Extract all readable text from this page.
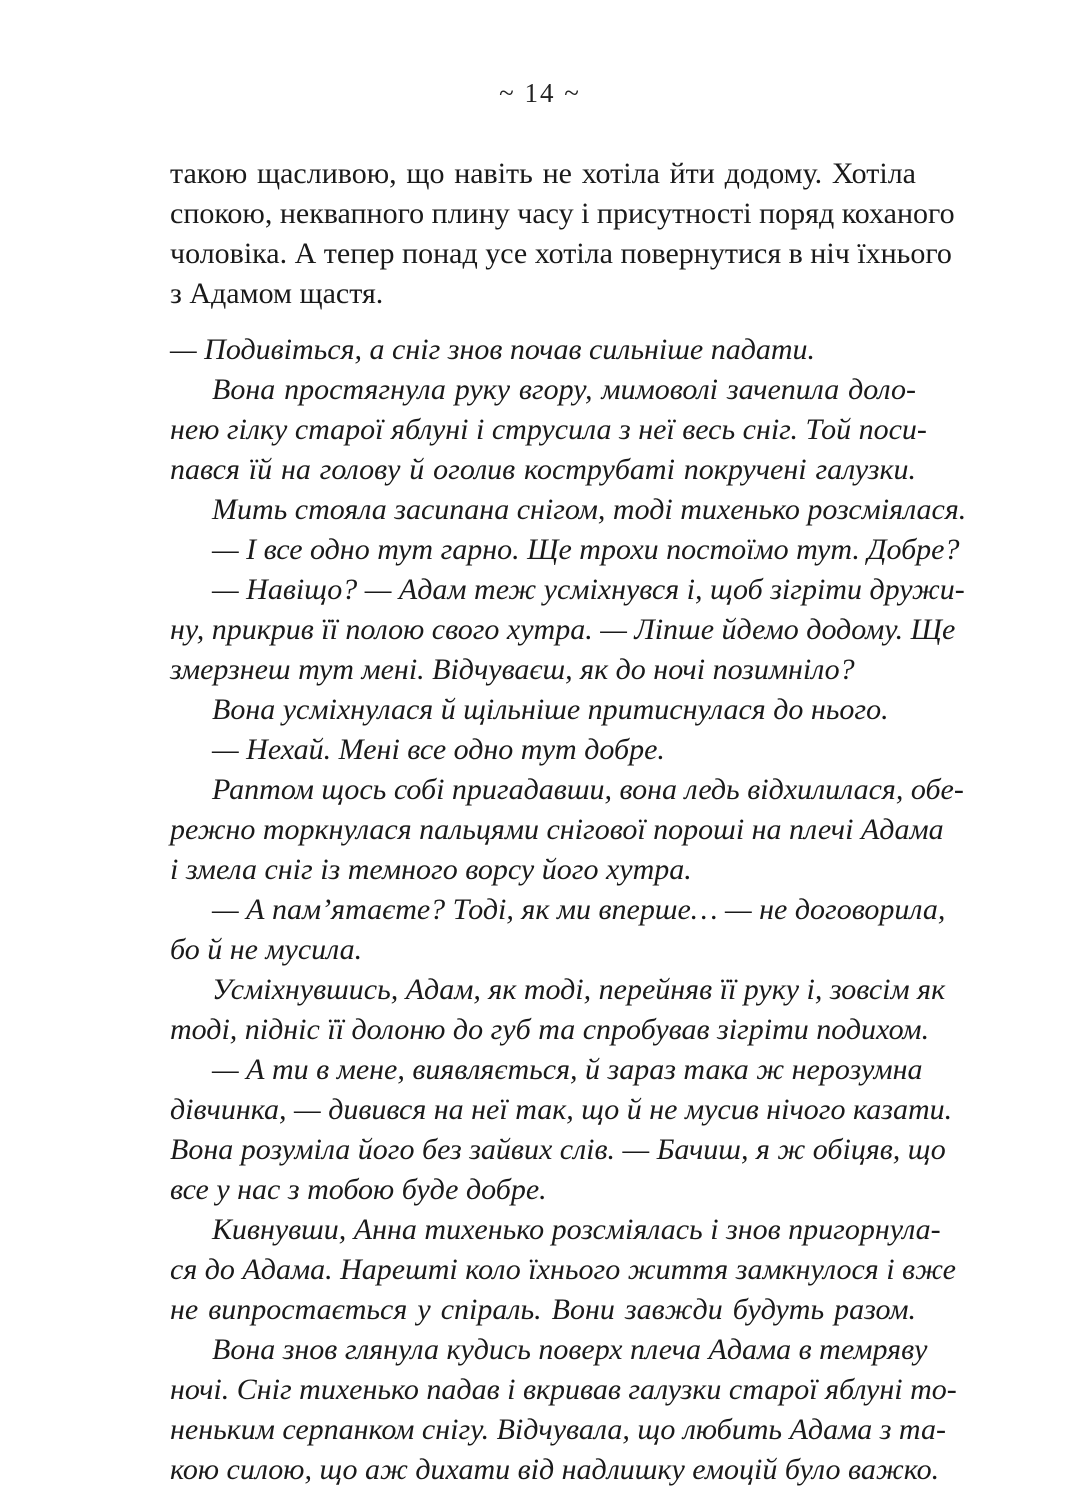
~ 14 ~
такою щасливою, що навіть не хотіла йти додому. Хотіла
спокою, неквапного плину часу і присутності поряд коханого
чоловіка. А тепер понад усе хотіла повернутися в ніч їхнього
з Адамом щастя.
— Подивіться, а сніг знов почав сильніше падати.
Вона простягнула руку вгору, мимоволі зачепила доло-
нею гілку старої яблуні і струсила з неї весь сніг. Той поси-
пався їй на голову й оголив кострубаті покручені галузки.
Мить стояла засипана снігом, тоді тихенько розсміялася.
— І все одно тут гарно. Ще трохи постоїмо тут. Добре?
— Навіщо? — Адам теж усміхнувся і, щоб зігріти дружи-
ну, прикрив її полою свого хутра. — Ліпше йдемо додому. Ще
змерзнеш тут мені. Відчуваєш, як до ночі позимніло?
Вона усміхнулася й щільніше притиснулася до нього.
— Нехай. Мені все одно тут добре.
Раптом щось собі пригадавши, вона ледь відхилилася, обе-
режно торкнулася пальцями снігової пороші на плечі Адама
і змела сніг із темного ворсу його хутра.
— А пам’ятаєте? Тоді, як ми вперше… — не договорила,
бо й не мусила.
Усміхнувшись, Адам, як тоді, перейняв її руку і, зовсім як
тоді, підніс її долоню до губ та спробував зігріти подихом.
— А ти в мене, виявляється, й зараз така ж нерозумна
дівчинка, — дивився на неї так, що й не мусив нічого казати.
Вона розуміла його без зайвих слів. — Бачиш, я ж обіцяв, що
все у нас з тобою буде добре.
Кивнувши, Анна тихенько розсміялась і знов пригорнула-
ся до Адама. Нарешті коло їхнього життя замкнулося і вже
не випростається у спіраль. Вони завжди будуть разом.
Вона знов глянула кудись поверх плеча Адама в темряву
ночі. Сніг тихенько падав і вкривав галузки старої яблуні то-
неньким серпанком снігу. Відчувала, що любить Адама з та-
кою силою, що аж дихати від надлишку емоцій було важко.
